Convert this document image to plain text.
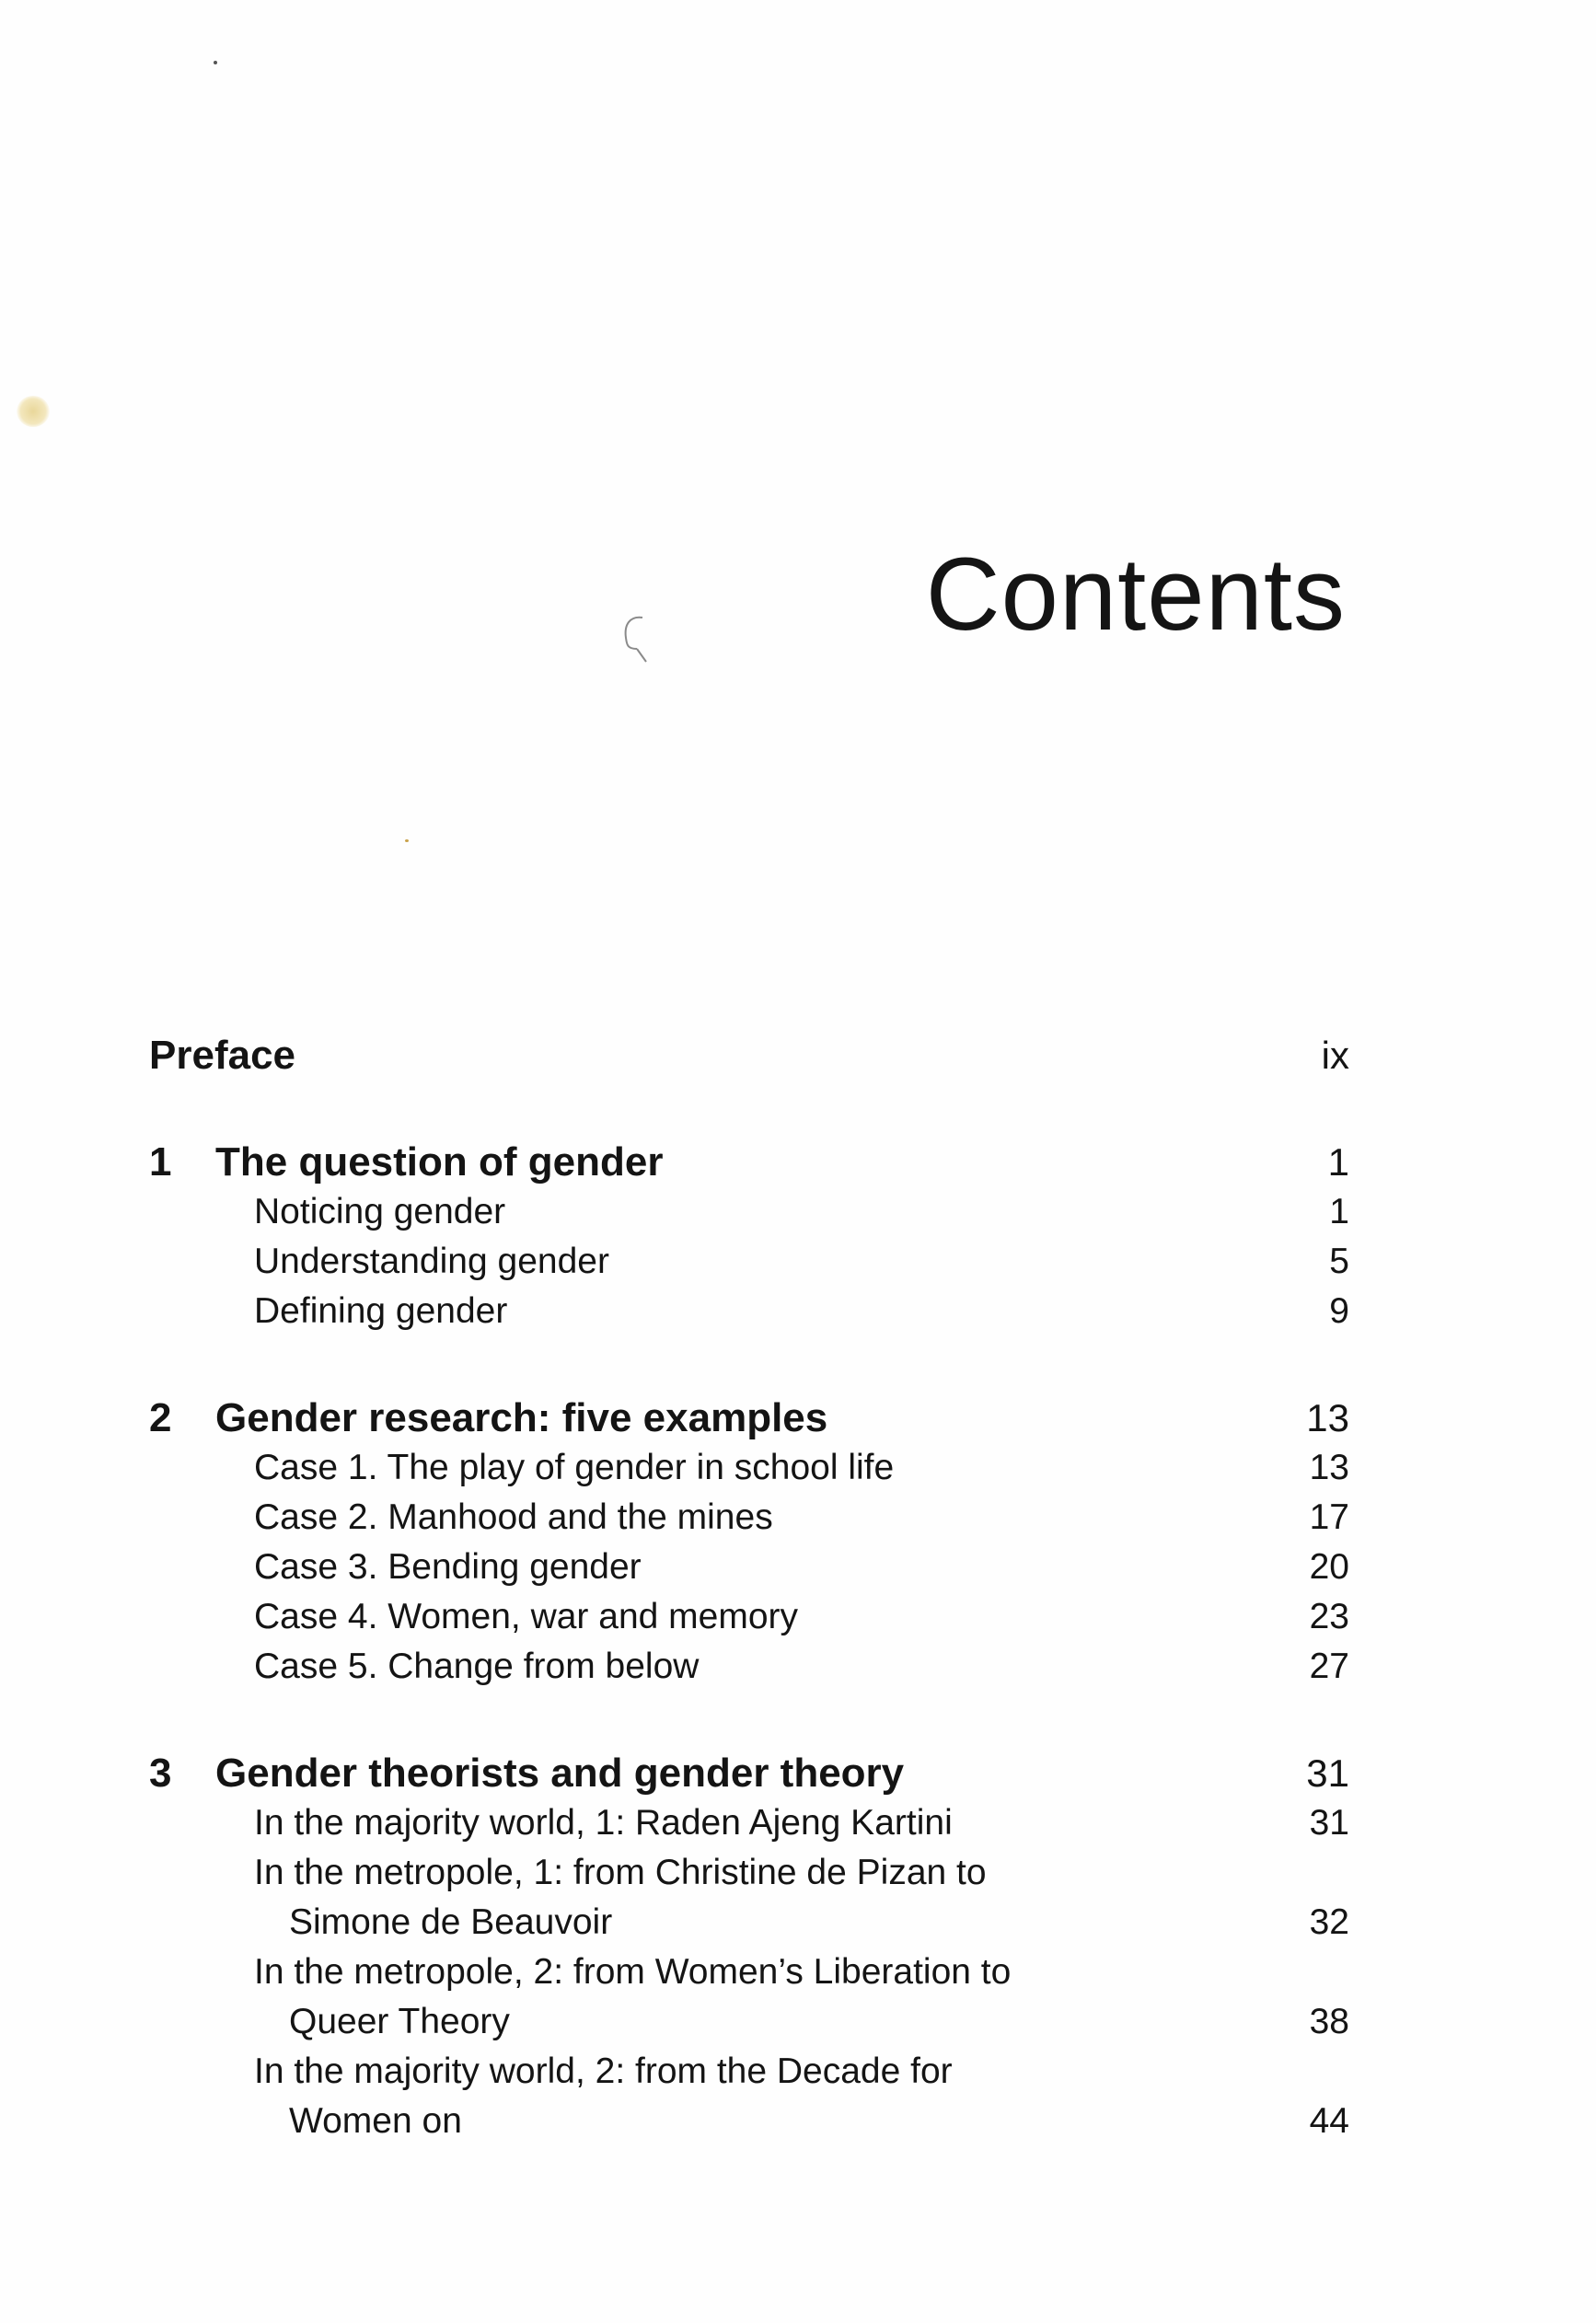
Contents
Preface	ix
1 The question of gender	1
Noticing gender	1
Understanding gender	5
Defining gender	9
2 Gender research: five examples	13
Case 1. The play of gender in school life	13
Case 2. Manhood and the mines	17
Case 3. Bending gender	20
Case 4. Women, war and memory	23
Case 5. Change from below	27
3 Gender theorists and gender theory	31
In the majority world, 1: Raden Ajeng Kartini	31
In the metropole, 1: from Christine de Pizan to
Simone de Beauvoir	32
In the metropole, 2: from Women’s Liberation to
Queer Theory	38
In the majority world, 2: from the Decade for
Women on	44
